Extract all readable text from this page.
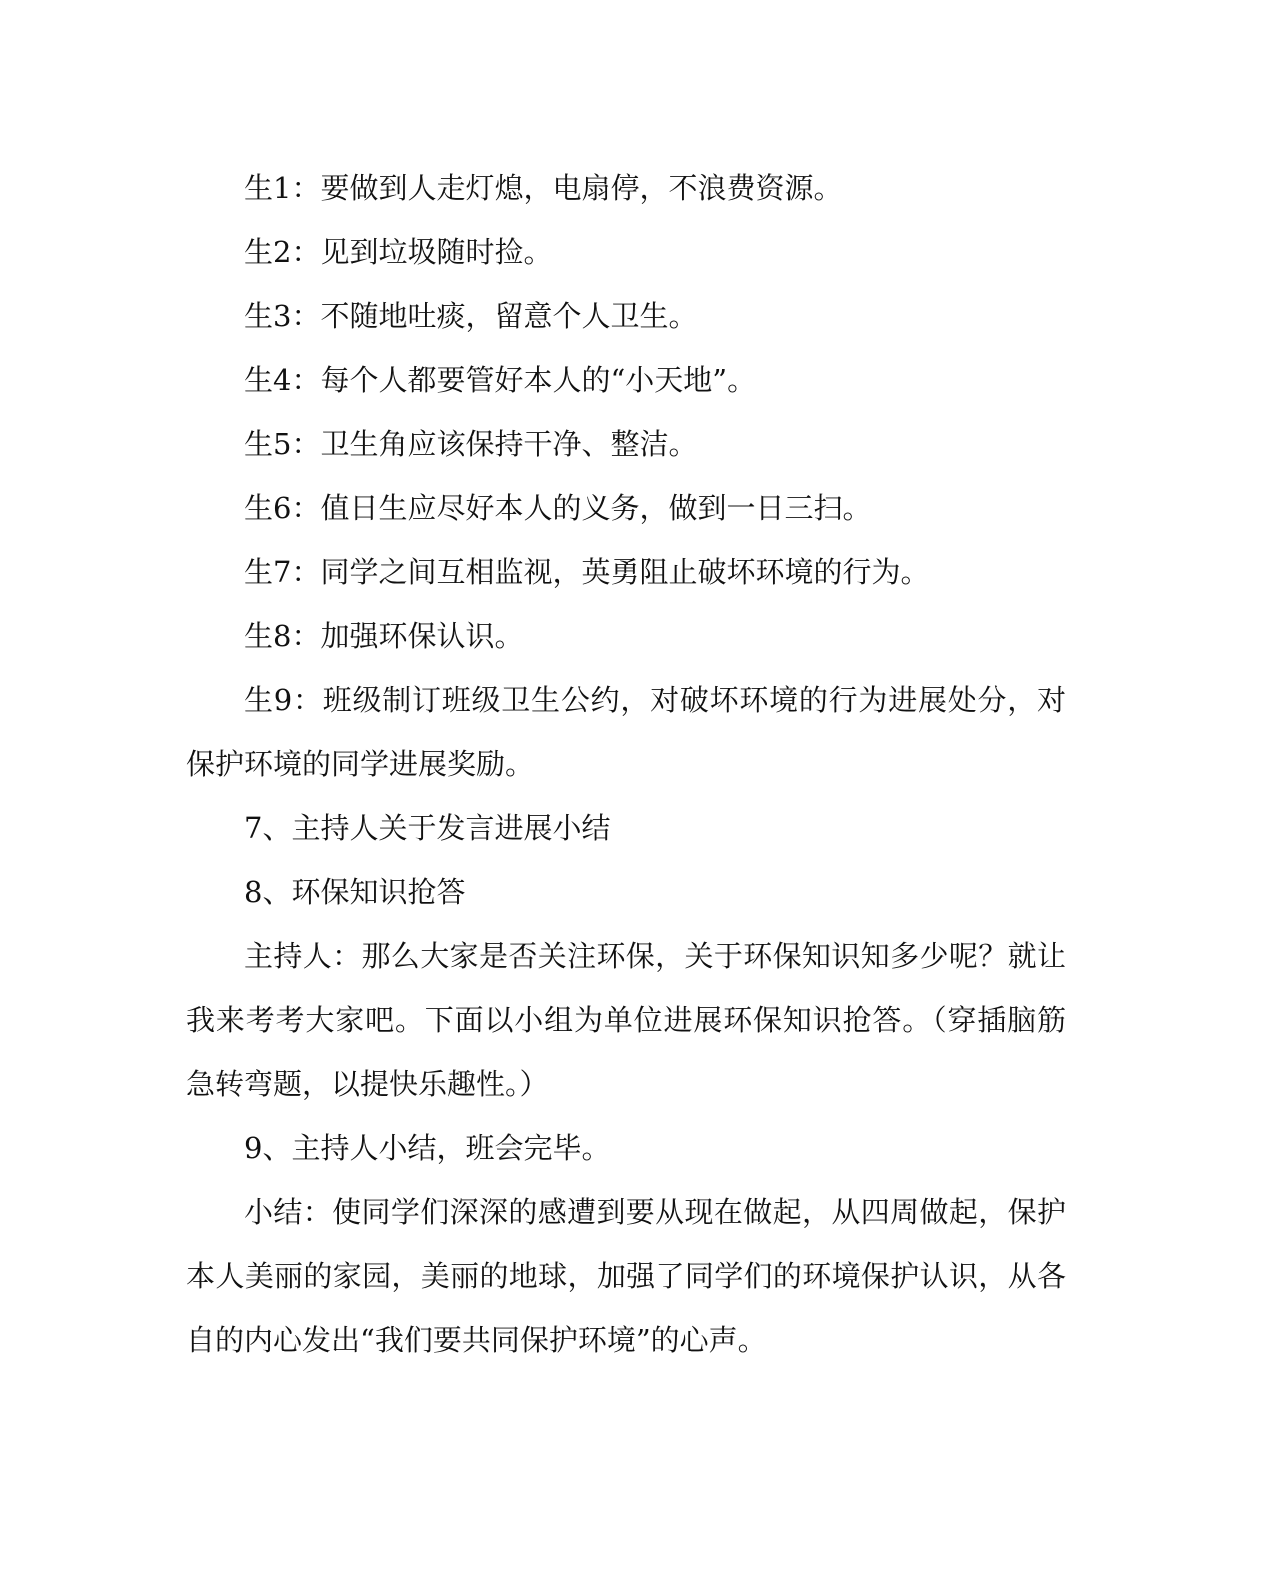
生1：要做到人走灯熄，电扇停，不浪费资源。

生2：见到垃圾随时捡。

生3：不随地吐痰，留意个人卫生。

生4：每个人都要管好本人的“小天地”。

生5：卫生角应该保持干净、整洁。

生6：值日生应尽好本人的义务，做到一日三扫。

生7：同学之间互相监视，英勇阻止破坏环境的行为。

生8：加强环保认识。

生9：班级制订班级卫生公约，对破坏环境的行为进展处分，对保护环境的同学进展奖励。

7、主持人关于发言进展小结

8、环保知识抢答

主持人：那么大家是否关注环保，关于环保知识知多少呢？就让我来考考大家吧。下面以小组为单位进展环保知识抢答。（穿插脑筋急转弯题，以提快乐趣性。）

9、主持人小结，班会完毕。

小结：使同学们深深的感遭到要从现在做起，从四周做起，保护本人美丽的家园，美丽的地球，加强了同学们的环境保护认识，从各自的内心发出“我们要共同保护环境”的心声。
